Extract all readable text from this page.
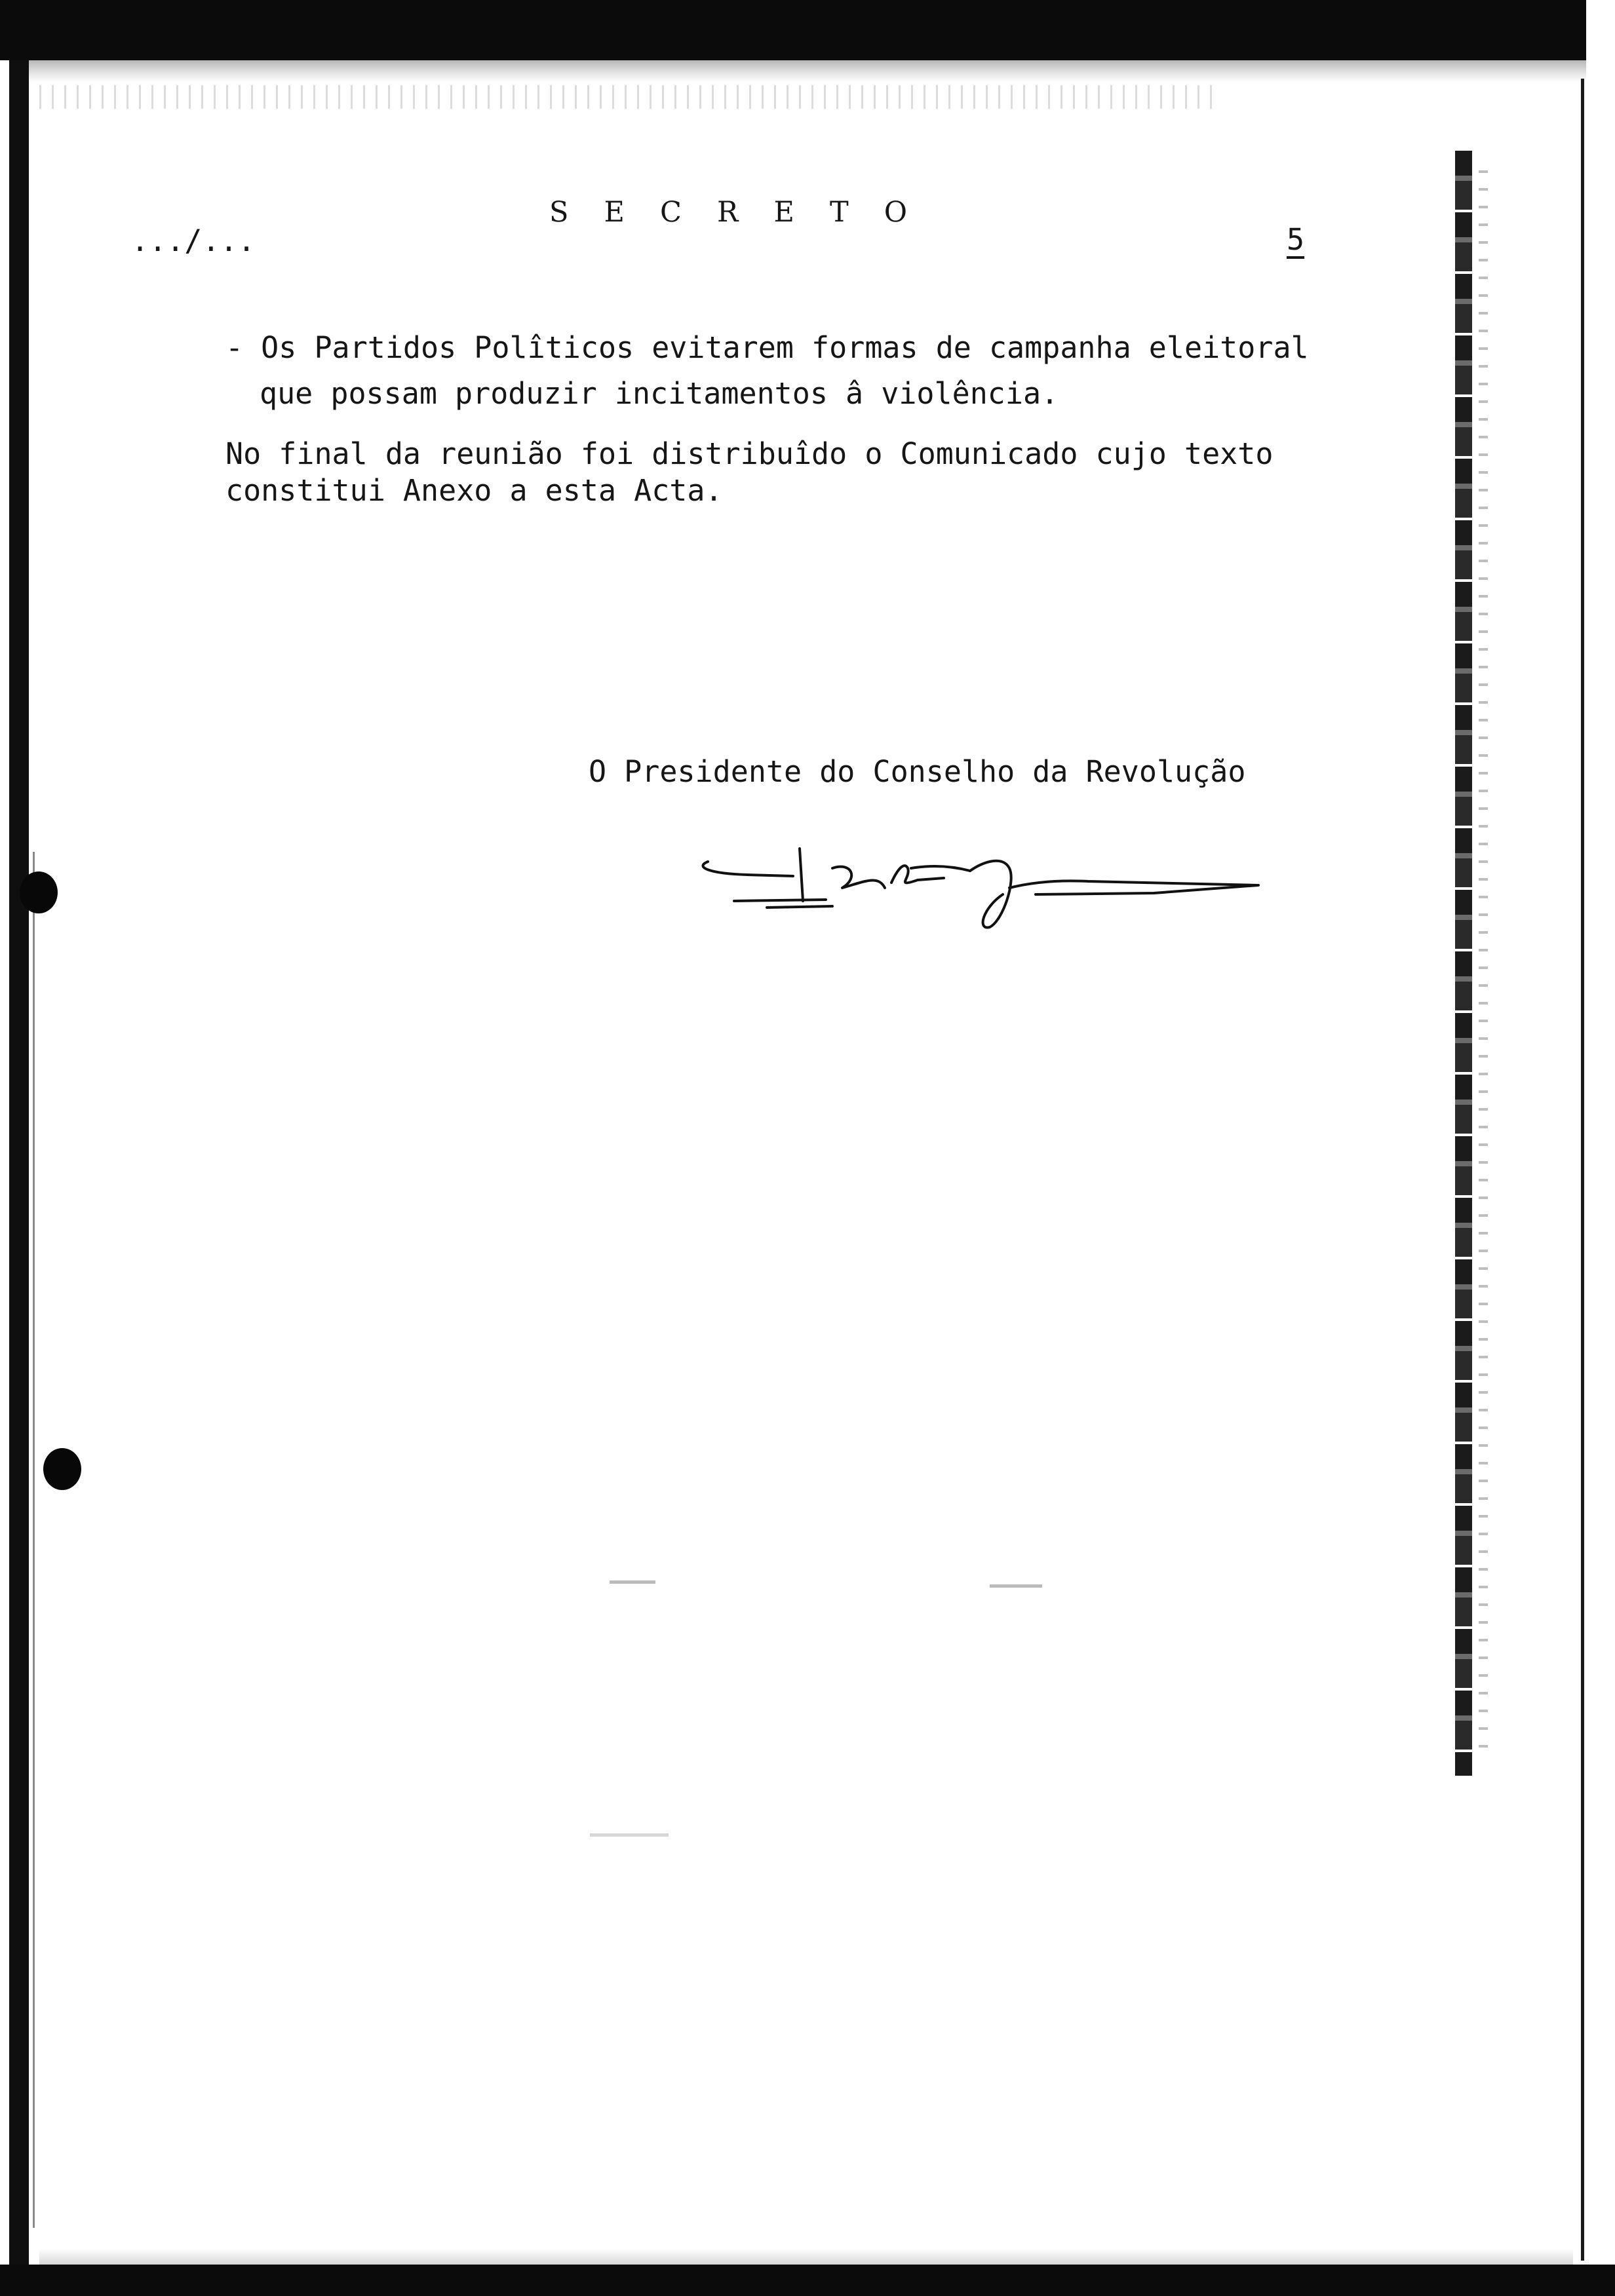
S E C R E T O
.../...	5
- Os Partidos Polîticos evitarem formas de campanha eleitoral
que possam produzir incitamentos â violência.
No final da reunião foi distribuîdo o Comunicado cujo texto
constitui Anexo a esta Acta.
O Presidente do Conselho da Revolução
